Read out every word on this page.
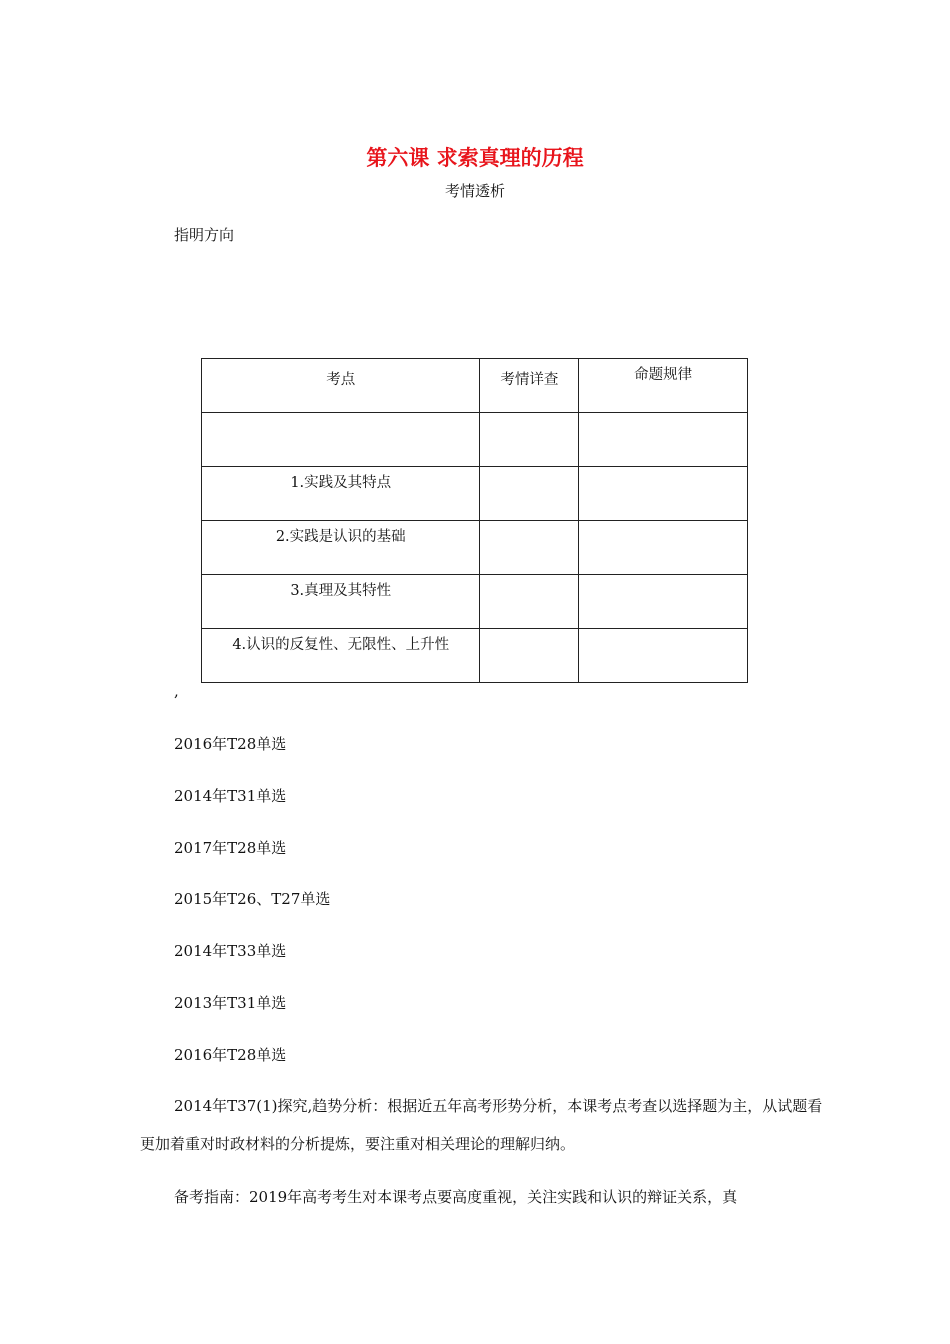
第六课 求索真理的历程
考情透析
指明方向
考点	考情详查	命题规律

1.实践及其特点		

2.实践是认识的基础		

3.真理及其特性		

4.认识的反复性、无限性、上升性		

,
2016年T28单选
2014年T31单选
2017年T28单选
2015年T26、T27单选
2014年T33单选
2013年T31单选
2016年T28单选
2014年T37(1)探究,趋势分析：根据近五年高考形势分析，本课考点考查以选择题为主，从试题看更加着重对时政材料的分析提炼，要注重对相关理论的理解归纳。
备考指南：2019年高考考生对本课考点要高度重视，关注实践和认识的辩证关系，真
